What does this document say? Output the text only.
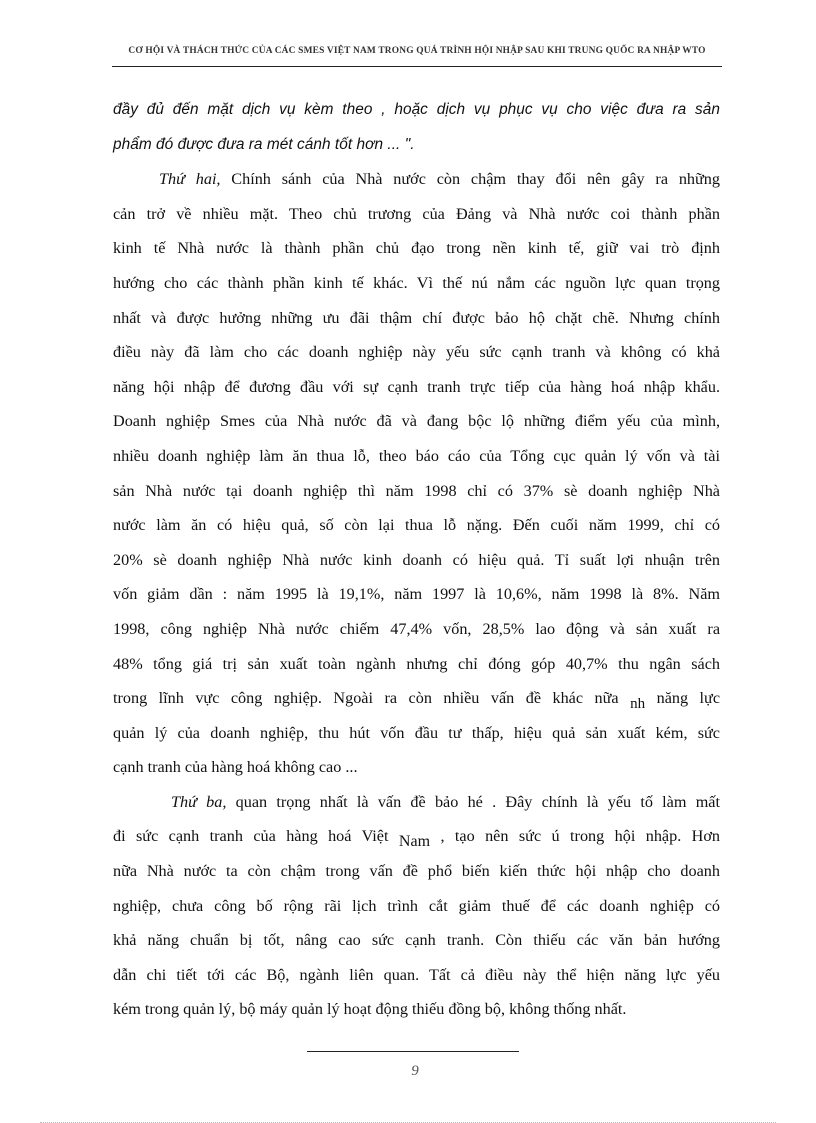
CƠ HỘI VÀ THÁCH THỨC CỦA CÁC SMES VIỆT NAM TRONG QUÁ TRÌNH HỘI NHẬP SAU KHI TRUNG QUỐC RA NHẬP WTO
đầy đủ đến mặt dịch vụ kèm theo , hoặc dịch vụ phục vụ cho việc đưa ra sản
phẩm đó được đưa ra mét cánh tốt hơn ... ".
Thứ hai, Chính sánh của Nhà nước còn chậm thay đổi nên gây ra những
cản trở về nhiều mặt. Theo chủ trương của Đảng và Nhà nước coi thành phần
kinh tế Nhà nước là thành phần chủ đạo trong nền kinh tế, giữ vai trò định
hướng cho các thành phần kinh tế khác. Vì thế nú nắm các nguồn lực quan trọng
nhất và được hưởng những ưu đãi thậm chí được bảo hộ chặt chẽ. Nhưng chính
điều này đã làm cho các doanh nghiệp này yếu sức cạnh tranh và không có khả
năng hội nhập để đương đầu với sự cạnh tranh trực tiếp của hàng hoá nhập khẩu.
Doanh nghiệp Smes của Nhà nước đã và đang bộc lộ những điểm yếu của mình,
nhiều doanh nghiệp làm ăn thua lỗ, theo báo cáo của Tổng cục quản lý vốn và tài
sản Nhà nước tại doanh nghiệp thì năm 1998 chỉ có 37% sè doanh nghiệp Nhà
nước làm ăn có hiệu quả, số còn lại thua lỗ nặng. Đến cuối năm 1999, chỉ có
20% sè doanh nghiệp Nhà nước kinh doanh có hiệu quả. Tỉ suất lợi nhuận trên
vốn giảm dần : năm 1995 là 19,1%, năm 1997 là 10,6%, năm 1998 là 8%. Năm
1998, công nghiệp Nhà nước chiếm 47,4% vốn, 28,5% lao động và sản xuất ra
48% tổng giá trị sản xuất toàn ngành nhưng chỉ đóng góp 40,7% thu ngân sách
trong lĩnh vực công nghiệp. Ngoài ra còn nhiều vấn đề khác nữa nh năng lực
quản lý của doanh nghiệp, thu hút vốn đầu tư thấp, hiệu quả sản xuất kém, sức
cạnh tranh của hàng hoá không cao ...
Thứ ba, quan trọng nhất là vấn đề bảo hé . Đây chính là yếu tố làm mất
đi sức cạnh tranh của hàng hoá Việt Nam , tạo nên sức ú trong hội nhập. Hơn
nữa Nhà nước ta còn chậm trong vấn đề phổ biến kiến thức hội nhập cho doanh
nghiệp, chưa công bố rộng rãi lịch trình cắt giảm thuế để các doanh nghiệp có
khả năng chuẩn bị tốt, nâng cao sức cạnh tranh. Còn thiếu các văn bản hướng
dẫn chi tiết tới các Bộ, ngành liên quan. Tất cả điều này thể hiện năng lực yếu
kém trong quản lý, bộ máy quản lý hoạt động thiếu đồng bộ, không thống nhất.
9
